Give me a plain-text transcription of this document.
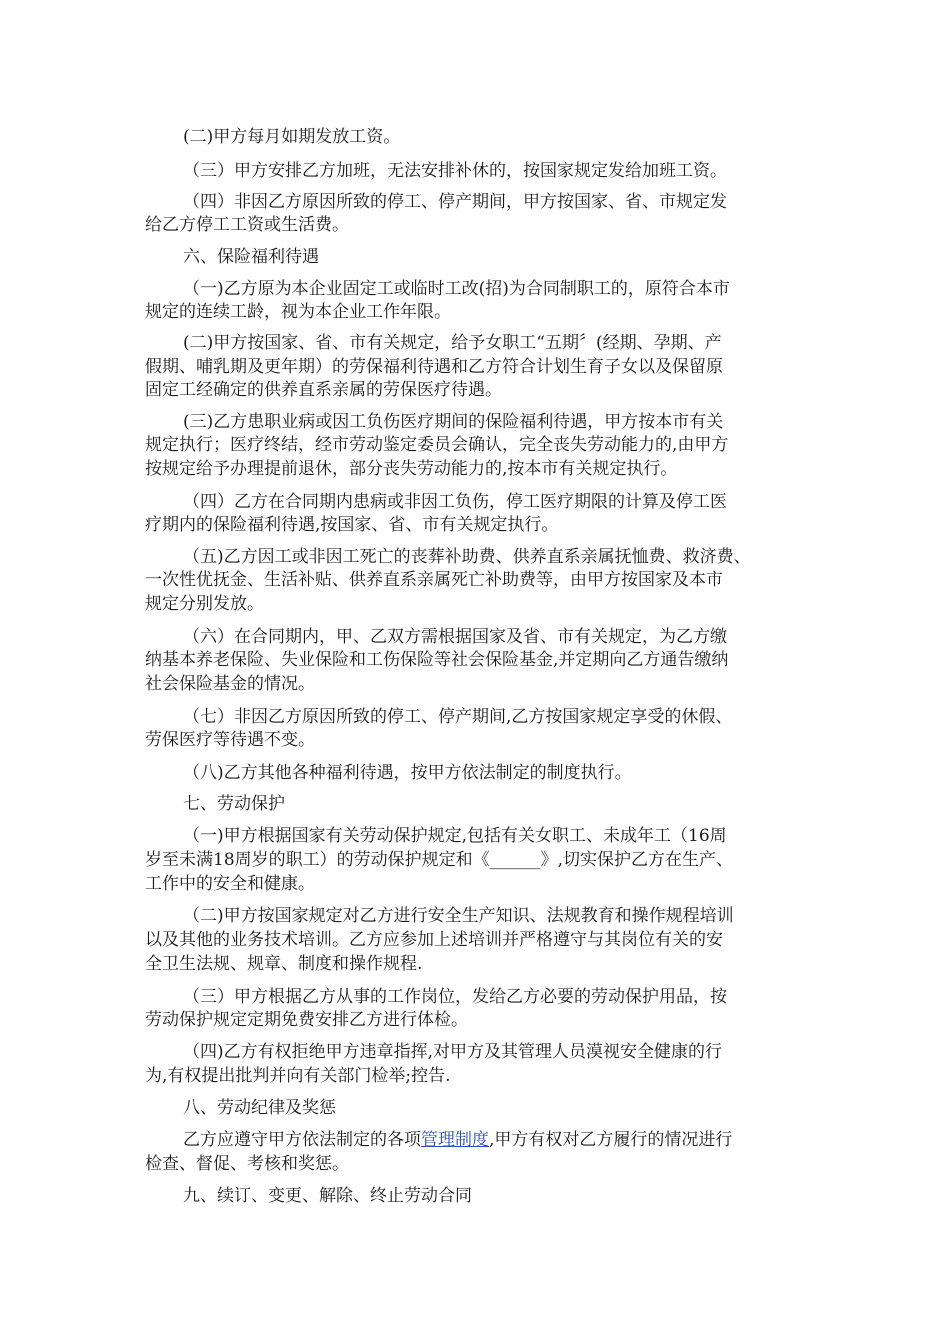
(二)甲方每月如期发放工资。
（三）甲方安排乙方加班，无法安排补休的，按国家规定发给加班工资。
（四）非因乙方原因所致的停工、停产期间，甲方按国家、省、市规定发
给乙方停工工资或生活费。
六、保险福利待遇
（一)乙方原为本企业固定工或临时工改(招)为合同制职工的，原符合本市
规定的连续工龄，视为本企业工作年限。
(二)甲方按国家、省、市有关规定，给予女职工“五期〞(经期、孕期、产
假期、哺乳期及更年期）的劳保福利待遇和乙方符合计划生育子女以及保留原
固定工经确定的供养直系亲属的劳保医疗待遇。
(三)乙方患职业病或因工负伤医疗期间的保险福利待遇，甲方按本市有关
规定执行；医疗终结，经市劳动鉴定委员会确认，完全丧失劳动能力的,由甲方
按规定给予办理提前退休，部分丧失劳动能力的,按本市有关规定执行。
（四）乙方在合同期内患病或非因工负伤，停工医疗期限的计算及停工医
疗期内的保险福利待遇,按国家、省、市有关规定执行。
（五)乙方因工或非因工死亡的丧葬补助费、供养直系亲属抚恤费、救济费、
一次性优抚金、生活补贴、供养直系亲属死亡补助费等，由甲方按国家及本市
规定分别发放。
（六）在合同期内，甲、乙双方需根据国家及省、市有关规定，为乙方缴
纳基本养老保险、失业保险和工伤保险等社会保险基金,并定期向乙方通告缴纳
社会保险基金的情况。
（七）非因乙方原因所致的停工、停产期间,乙方按国家规定享受的休假、
劳保医疗等待遇不变。
（八)乙方其他各种福利待遇，按甲方依法制定的制度执行。
七、劳动保护
（一)甲方根据国家有关劳动保护规定,包括有关女职工、未成年工（16周
岁至未满18周岁的职工）的劳动保护规定和《______》,切实保护乙方在生产、
工作中的安全和健康。
（二)甲方按国家规定对乙方进行安全生产知识、法规教育和操作规程培训
以及其他的业务技术培训。乙方应参加上述培训并严格遵守与其岗位有关的安
全卫生法规、规章、制度和操作规程.
（三）甲方根据乙方从事的工作岗位，发给乙方必要的劳动保护用品，按
劳动保护规定定期免费安排乙方进行体检。
（四)乙方有权拒绝甲方违章指挥,对甲方及其管理人员漠视安全健康的行
为,有权提出批判并向有关部门检举;控告.
八、劳动纪律及奖惩
乙方应遵守甲方依法制定的各项管理制度,甲方有权对乙方履行的情况进行
检查、督促、考核和奖惩。
九、续订、变更、解除、终止劳动合同
